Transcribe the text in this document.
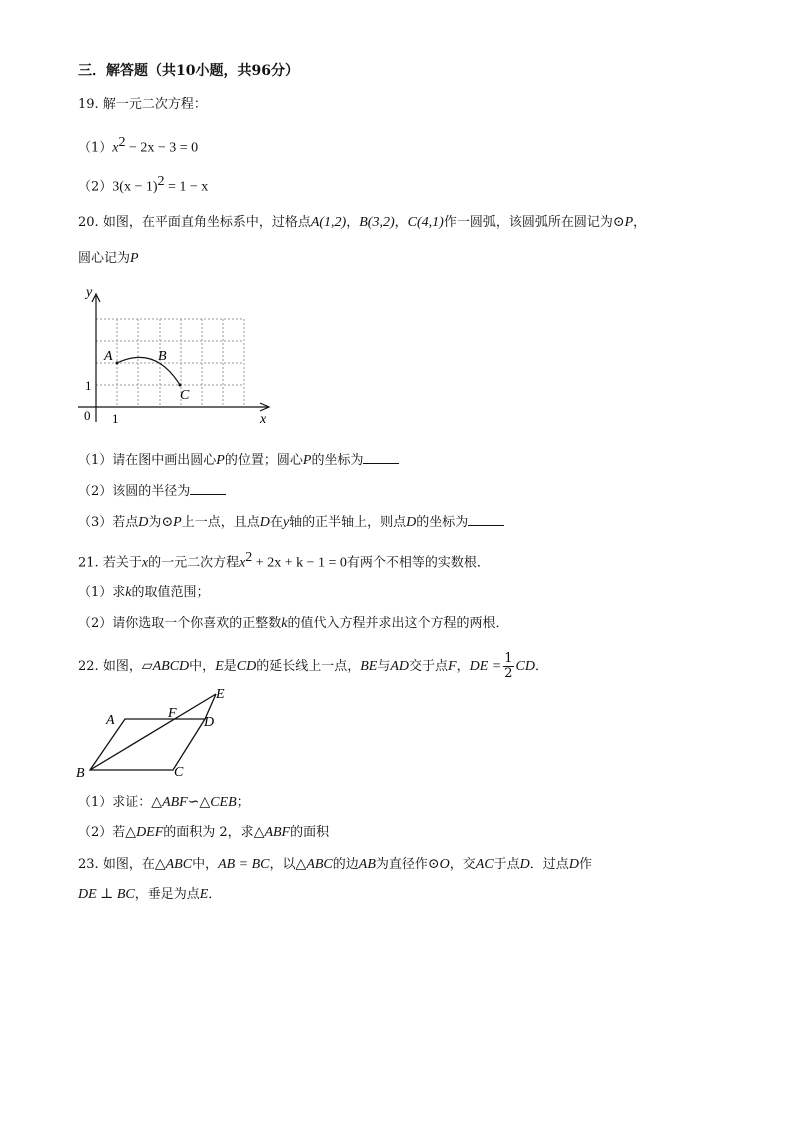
三．解答题（共10小题，共96分）
19. 解一元二次方程：
$(1)x^2 - 2x - 3 = 0$
$(2)3(x - 1)^2 = 1 - x$
20. 如图，在平面直角坐标系中，过格点A(1,2)，B(3,2)，C(4,1)作一圆弧，该圆弧所在圆记为⊙P，
圆心记为P
y
x
0 1
1
A	B
C
（1）请在图中画出圆心P的位置；圆心P的坐标为
（2）该圆的半径为
（3）若点D为⊙P上一点，且点D在y轴的正半轴上，则点D的坐标为
21. 若关于x的一元二次方程$x^2 + 2x + k - 1 = 0$有两个不相等的实数根．
（1）求k的取值范围；
（2）请你选取一个你喜欢的正整数k的值代入方程并求出这个方程的两根．
22. 如图，▱ABCD中，E是CD的延长线上一点，BE与AD交于点F，DE = $\frac{1}{2}$ CD．
A
B	C
D
E
F
（1）求证：△ABF∽△CEB；
（2）若△DEF的面积为 2，求△ABF的面积
23. 如图，在△ABC中，AB = BC，以△ABC的边AB为直径作⊙O，交AC于点D．过点D作
DE ⊥ BC，垂足为点E．
